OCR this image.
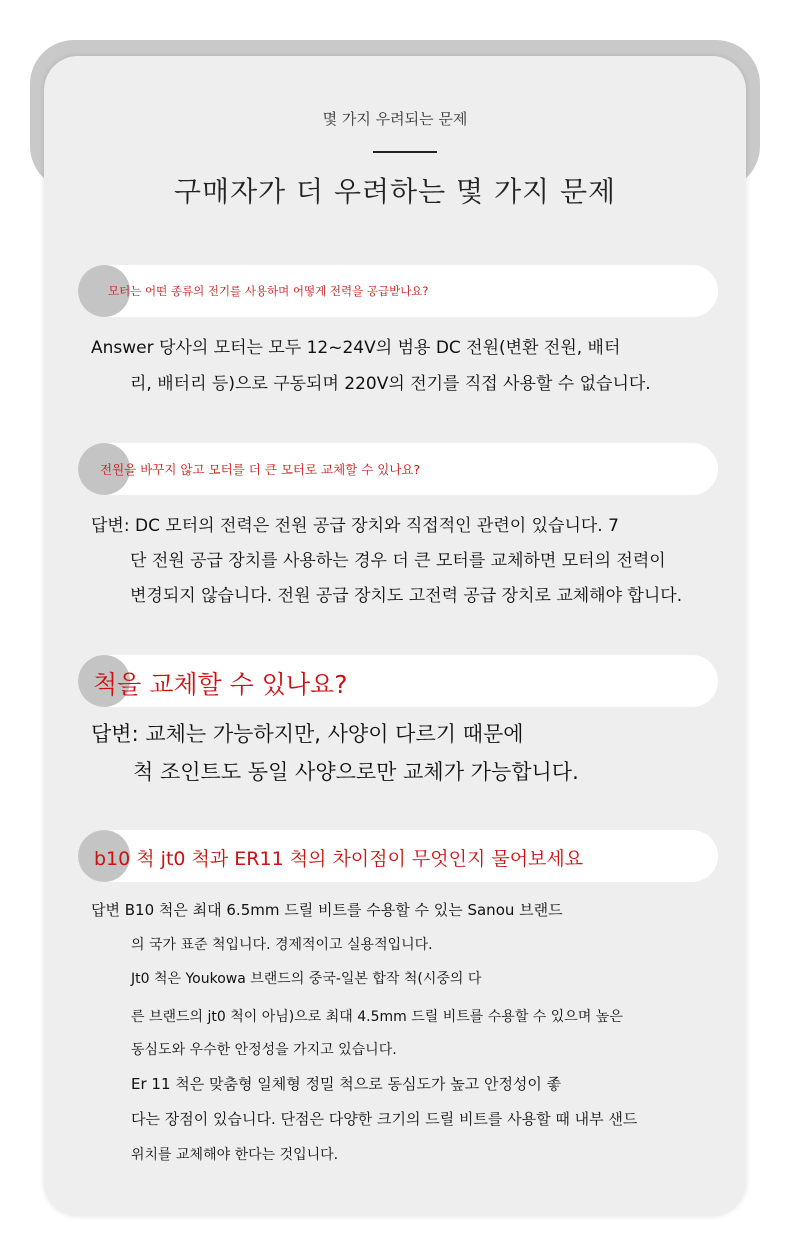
몇 가지 우려되는 문제
구매자가 더 우려하는 몇 가지 문제
모터는 어떤 종류의 전기를 사용하며 어떻게 전력을 공급받나요?
Answer 당사의 모터는 모두 12~24V의 범용 DC 전원(변환 전원, 배터
리, 배터리 등)으로 구동되며 220V의 전기를 직접 사용할 수 없습니다.
전원을 바꾸지 않고 모터를 더 큰 모터로 교체할 수 있나요?
답변: DC 모터의 전력은 전원 공급 장치와 직접적인 관련이 있습니다. 7
단 전원 공급 장치를 사용하는 경우 더 큰 모터를 교체하면 모터의 전력이
변경되지 않습니다. 전원 공급 장치도 고전력 공급 장치로 교체해야 합니다.
척을 교체할 수 있나요?
답변: 교체는 가능하지만, 사양이 다르기 때문에
척 조인트도 동일 사양으로만 교체가 가능합니다.
b10 척 jt0 척과 ER11 척의 차이점이 무엇인지 물어보세요
답변 B10 척은 최대 6.5mm 드릴 비트를 수용할 수 있는 Sanou 브랜드
의 국가 표준 척입니다. 경제적이고 실용적입니다.
Jt0 척은 Youkowa 브랜드의 중국-일본 합작 척(시중의 다
른 브랜드의 jt0 척이 아님)으로 최대 4.5mm 드릴 비트를 수용할 수 있으며 높은
동심도와 우수한 안정성을 가지고 있습니다.
Er 11 척은 맞춤형 일체형 정밀 척으로 동심도가 높고 안정성이 좋
다는 장점이 있습니다. 단점은 다양한 크기의 드릴 비트를 사용할 때 내부 샌드
위치를 교체해야 한다는 것입니다.
